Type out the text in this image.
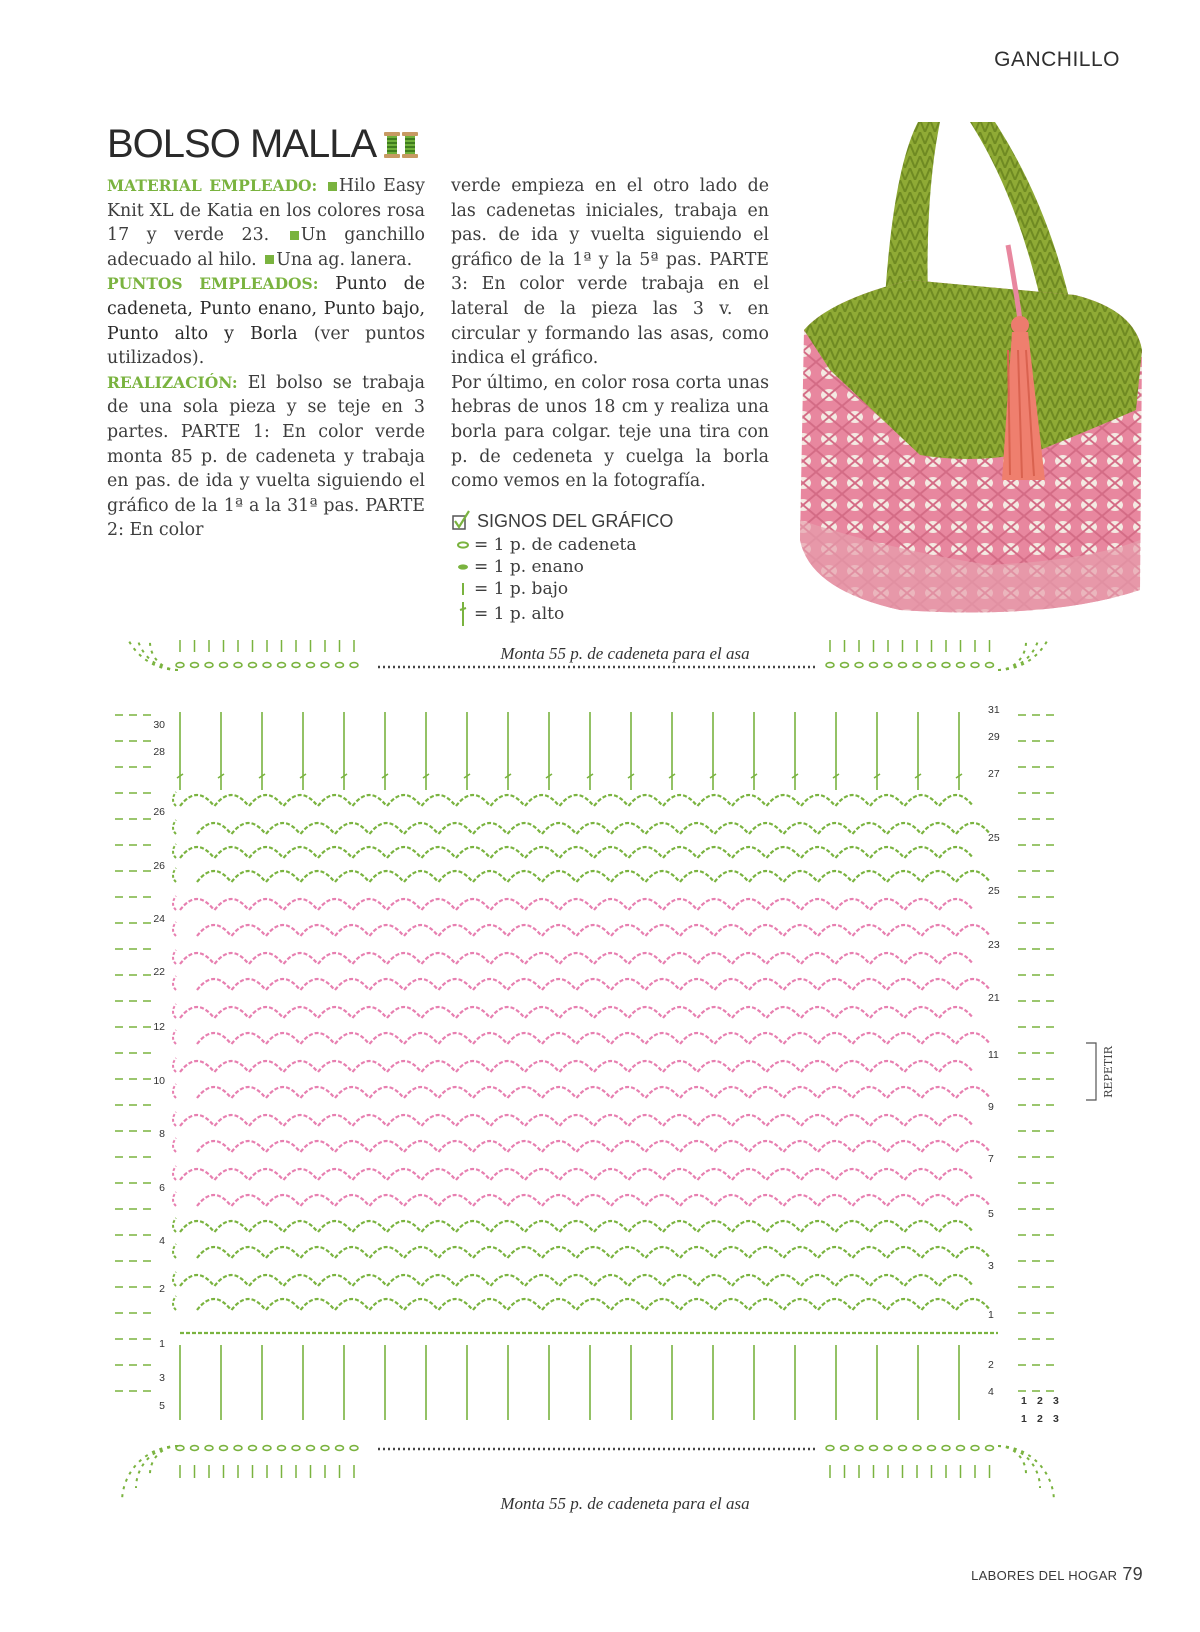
GANCHILLO
BOLSO MALLA
MATERIAL EMPLEADO: Hilo Easy Knit XL de Katia en los colores rosa 17 y verde 23. Un ganchillo adecuado al hilo. Una ag. lanera.
PUNTOS EMPLEADOS: Punto de cadeneta, Punto enano, Punto bajo, Punto alto y Borla (ver puntos utilizados).
REALIZACIÓN: El bolso se trabaja de una sola pieza y se teje en 3 partes. PARTE 1: En color verde monta 85 p. de cadeneta y trabaja en pas. de ida y vuelta siguiendo el gráfico de la 1ª a la 31ª pas. PARTE 2: En color
verde empieza en el otro lado de las cadenetas iniciales, trabaja en pas. de ida y vuelta siguiendo el gráfico de la 1ª y la 5ª pas. PARTE 3: En color verde trabaja en el lateral de la pieza las 3 v. en circular y formando las asas, como indica el gráfico.
Por último, en color rosa corta unas hebras de unos 18 cm y realiza una borla para colgar. teje una tira con p. de cedeneta y cuelga la borla como vemos en la fotografía.
SIGNOS DEL GRÁFICO
= 1 p. de cadeneta
= 1 p. enano
= 1 p. bajo
= 1 p. alto
30
28
26
26
24
22
12
10
8
6
4
2
1
3
5
31
29
27
25
25
23
21
11
9
7
5
3
1
2
4
1 2 3
1 2 3
Monta 55 p. de cadeneta para el asa
Monta 55 p. de cadeneta para el asa
REPETIR
LABORES DEL HOGAR 79
